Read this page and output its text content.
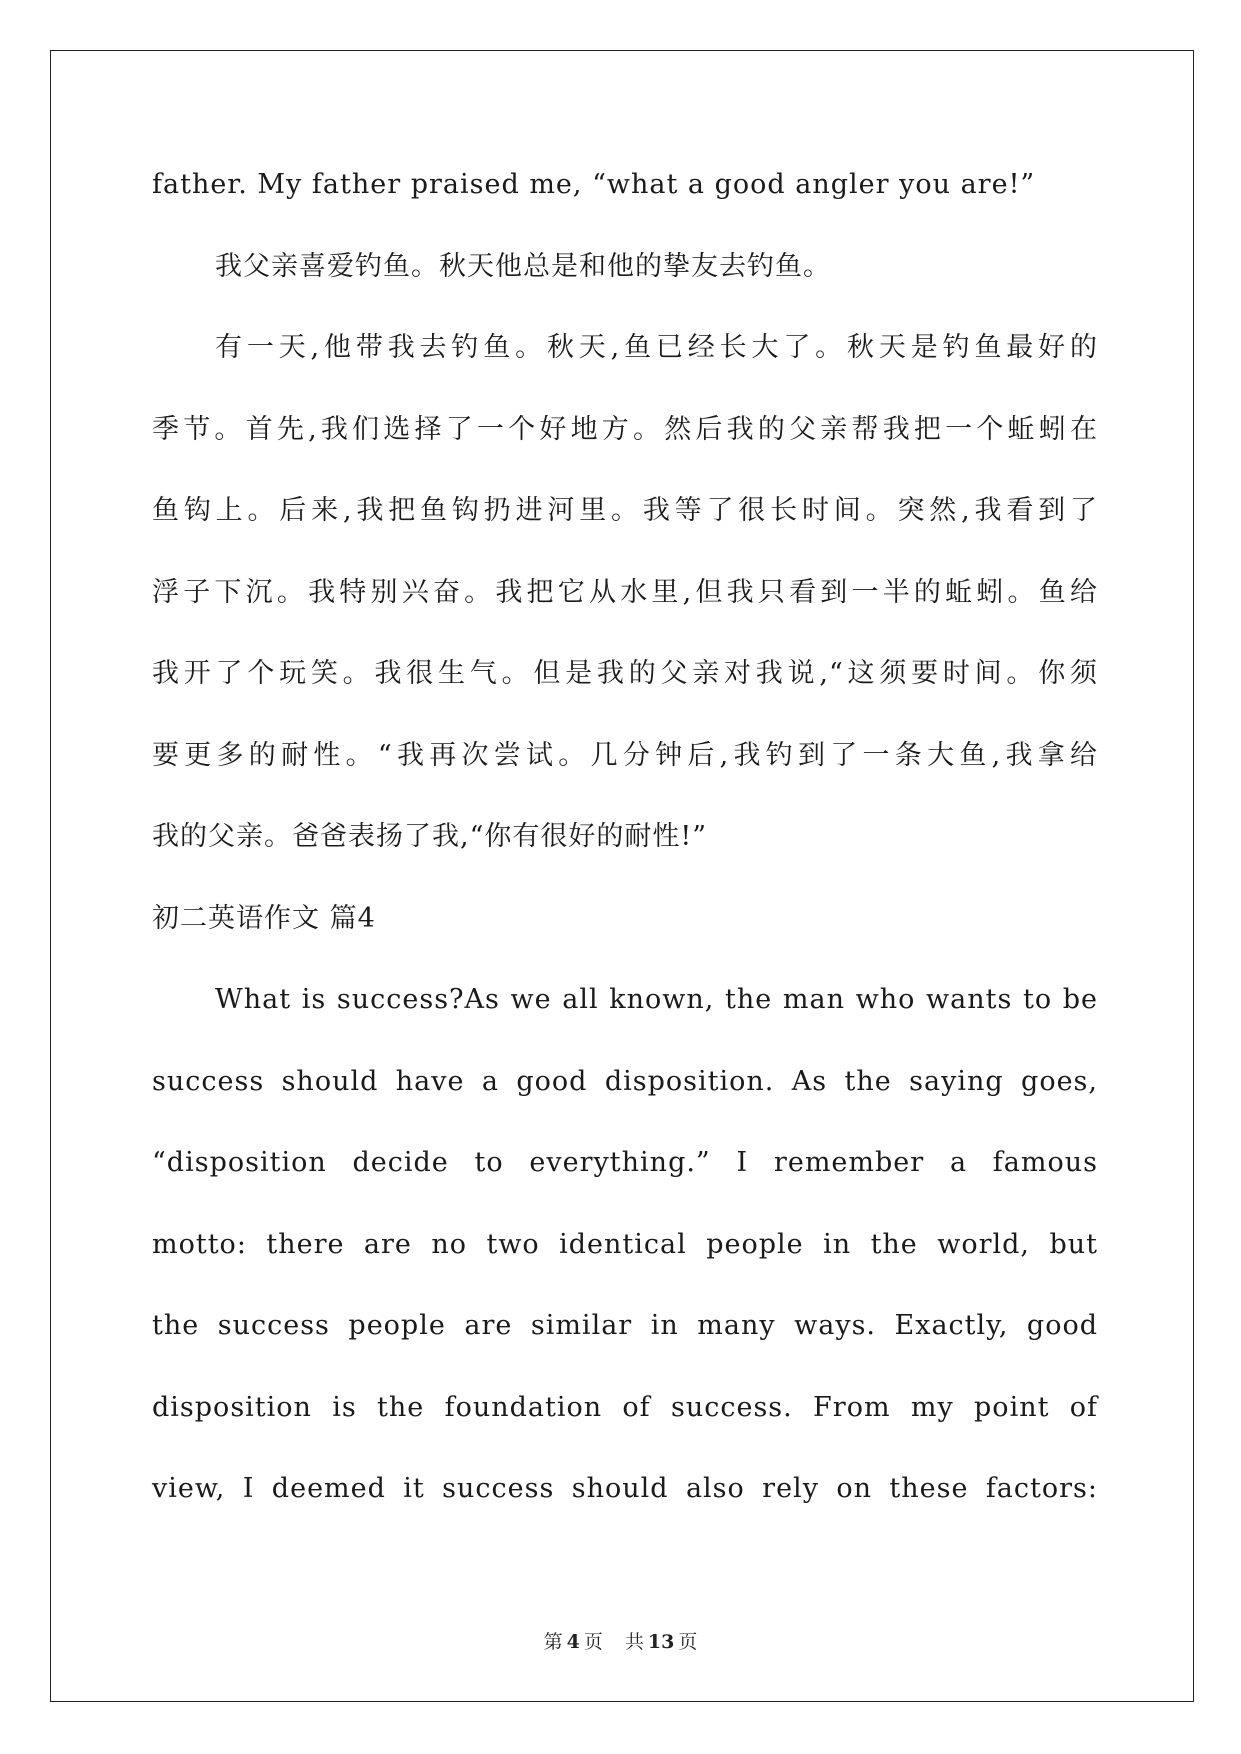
father. My father praised me, “what a good angler you are!”
我父亲喜爱钓鱼。秋天他总是和他的挚友去钓鱼。
有一天,他带我去钓鱼。秋天,鱼已经长大了。秋天是钓鱼最好的
季节。首先,我们选择了一个好地方。然后我的父亲帮我把一个蚯蚓在
鱼钩上。后来,我把鱼钩扔进河里。我等了很长时间。突然,我看到了
浮子下沉。我特别兴奋。我把它从水里,但我只看到一半的蚯蚓。鱼给
我开了个玩笑。我很生气。但是我的父亲对我说,“这须要时间。你须
要更多的耐性。“我再次尝试。几分钟后,我钓到了一条大鱼,我拿给
我的父亲。爸爸表扬了我,“你有很好的耐性!”
初二英语作文 篇4
What is success?As we all known, the man who wants to be
success should have a good disposition. As the saying goes,
“disposition decide to everything.” I remember a famous
motto: there are no two identical people in the world, but
the success people are similar in many ways. Exactly, good
disposition is the foundation of success. From my point of
view, I deemed it success should also rely on these factors:
第 4 页 共 13 页
